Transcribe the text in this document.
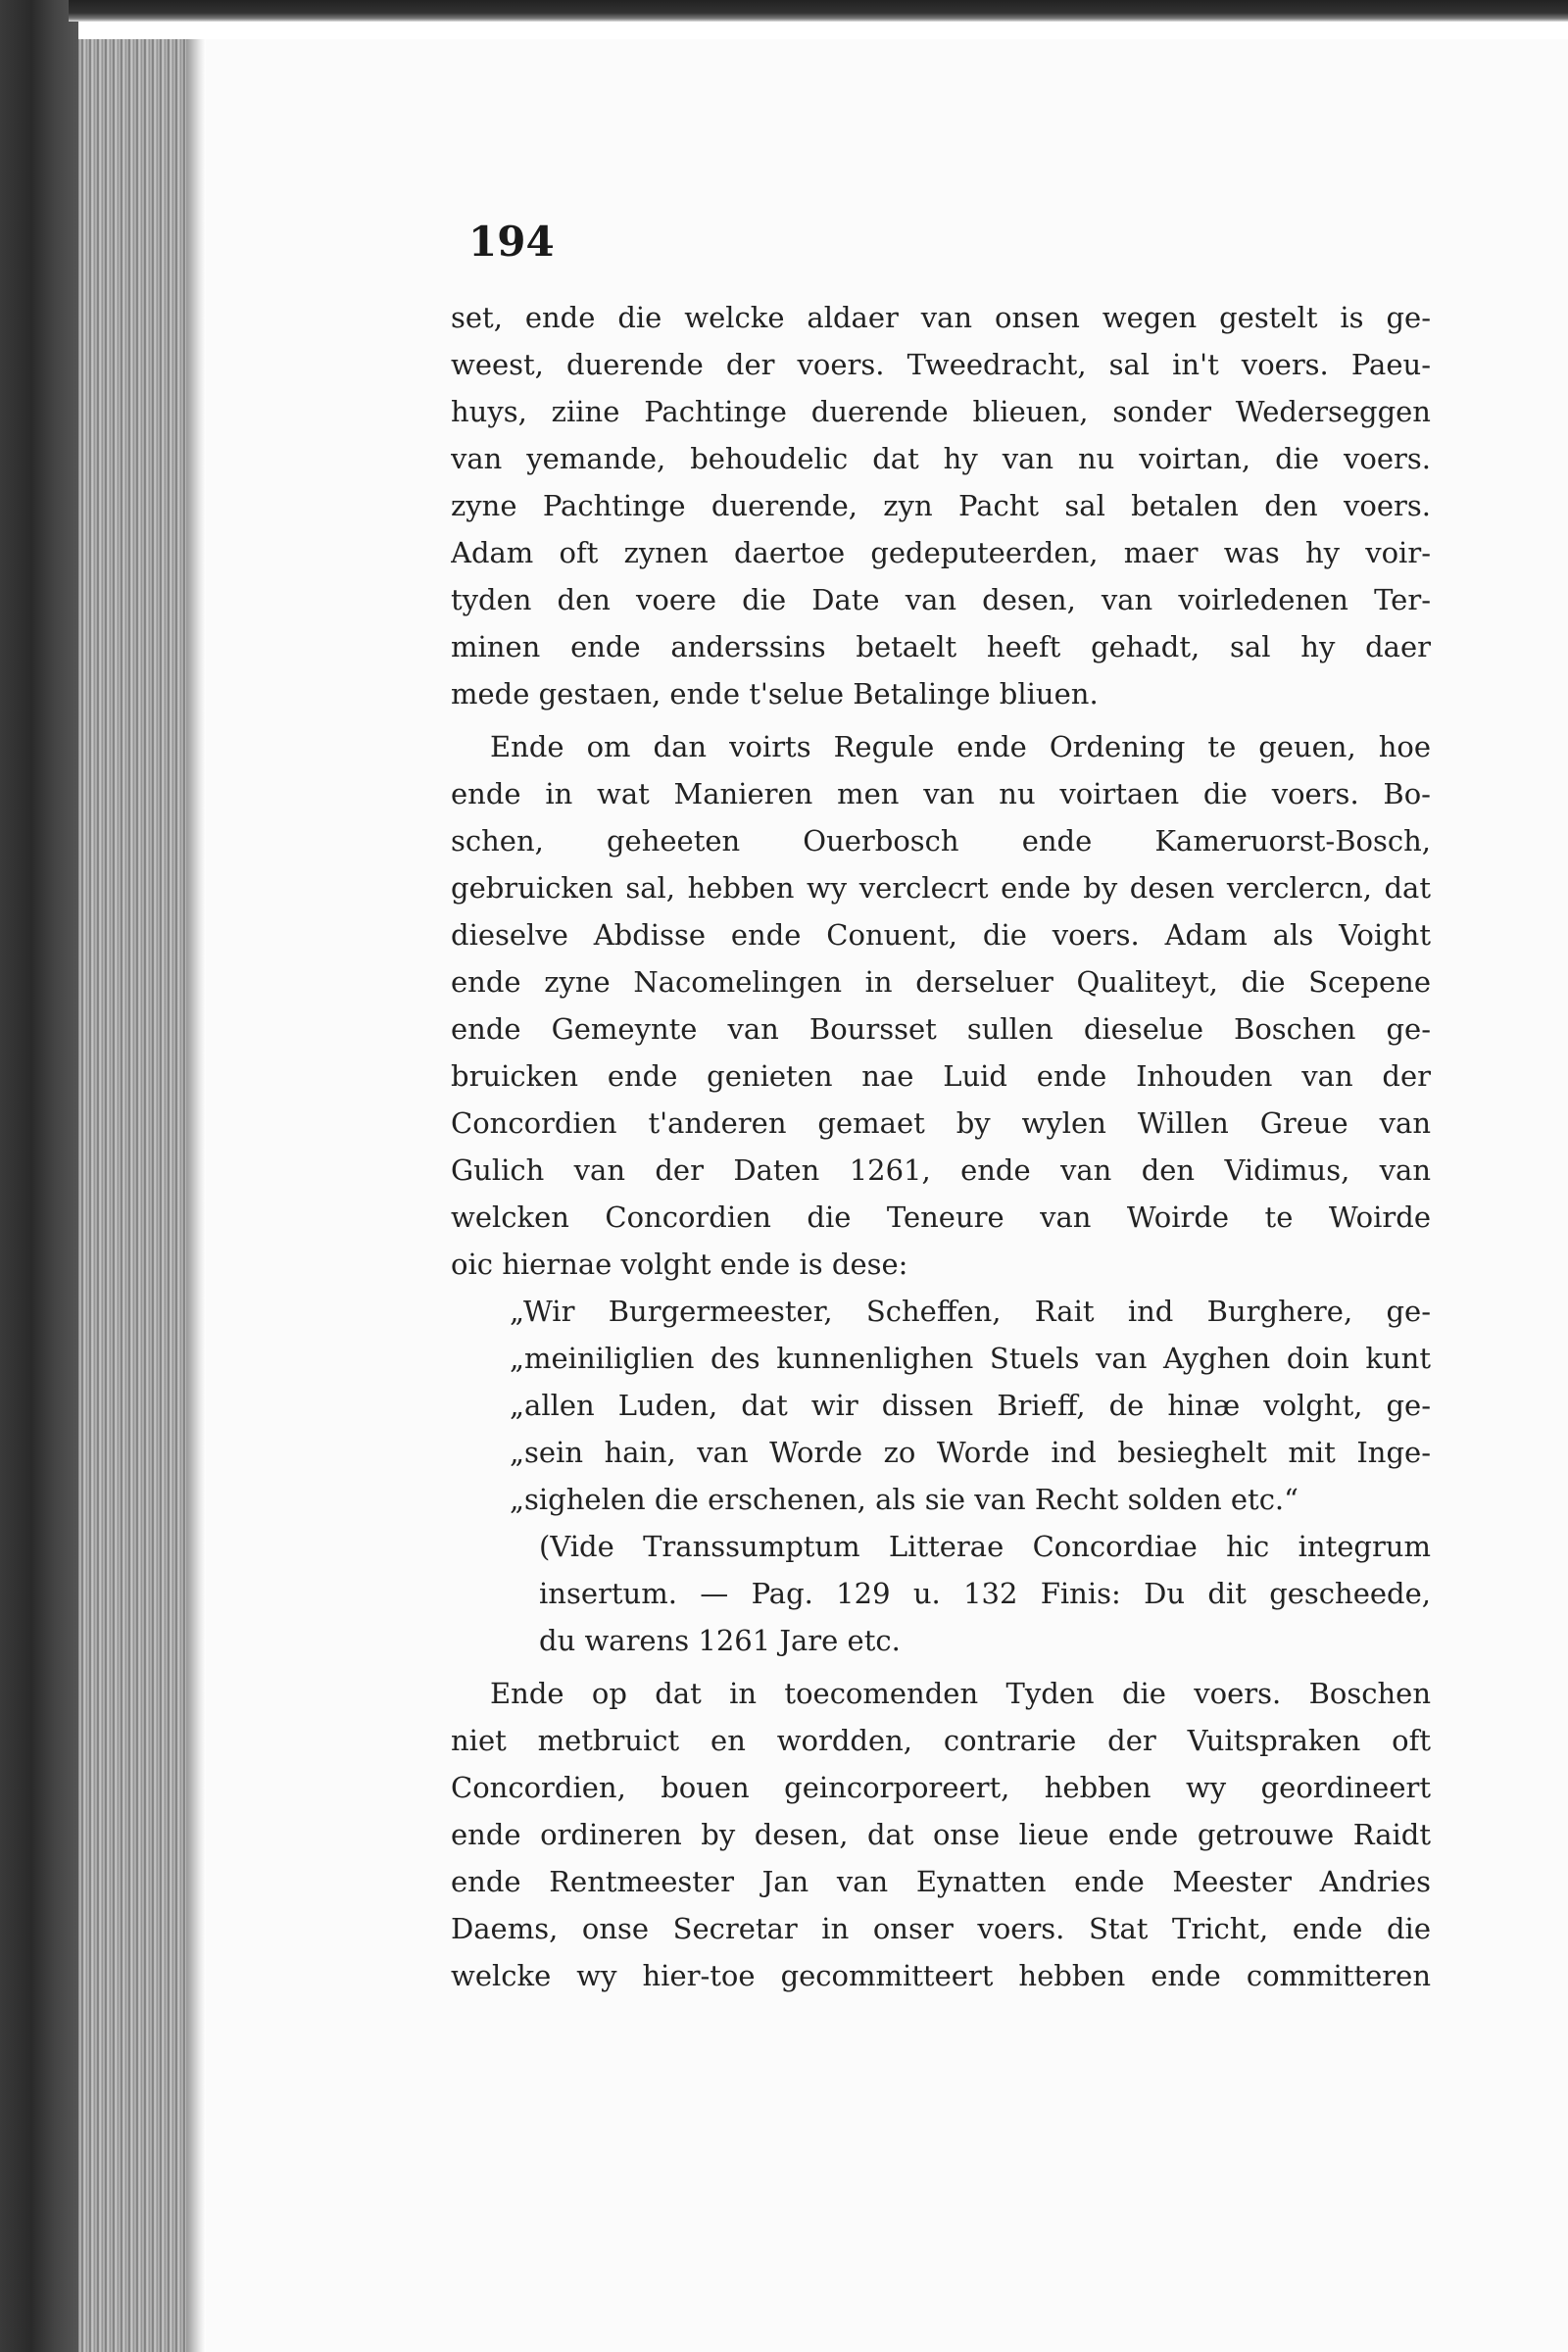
194

set, ende die welcke aldaer van onsen wegen gestelt is ge-
weest, duerende der voers. Tweedracht, sal in't voers. Paeu-
huys, ziine Pachtinge duerende blieuen, sonder Wederseggen
van yemande, behoudelic dat hy van nu voirtan, die voers.
zyne Pachtinge duerende, zyn Pacht sal betalen den voers.
Adam oft zynen daertoe gedeputeerden, maer was hy voir-
tyden den voere die Date van desen, van voirledenen Ter-
minen ende anderssins betaelt heeft gehadt, sal hy daer
mede gestaen, ende t'selue Betalinge bliuen.
Ende om dan voirts Regule ende Ordening te geuen, hoe
ende in wat Manieren men van nu voirtaen die voers. Bo-
schen, geheeten Ouerbosch ende Kameruorst-Bosch,
gebruicken sal, hebben wy verclecrt ende by desen verclercn, dat
dieselve Abdisse ende Conuent, die voers. Adam als Voight
ende zyne Nacomelingen in derseluer Qualiteyt, die Scepene
ende Gemeynte van Boursset sullen dieselue Boschen ge-
bruicken ende genieten nae Luid ende Inhouden van der
Concordien t'anderen gemaet by wylen Willen Greue van
Gulich van der Daten 1261, ende van den Vidimus, van
welcken Concordien die Teneure van Woirde te Woirde
oic hiernae volght ende is dese:
„Wir Burgermeester, Scheffen, Rait ind Burghere, ge-
„meiniliglien des kunnenlighen Stuels van Ayghen doin kunt
„allen Luden, dat wir dissen Brieff, de hinæ volght, ge-
„sein hain, van Worde zo Worde ind besieghelt mit Inge-
„sighelen die erschenen, als sie van Recht solden etc.“
(Vide Transsumptum Litterae Concordiae hic integrum
insertum. — Pag. 129 u. 132 Finis: Du dit gescheede,
du warens 1261 Jare etc.
Ende op dat in toecomenden Tyden die voers. Boschen
niet metbruict en wordden, contrarie der Vuitspraken oft
Concordien, bouen geincorporeert, hebben wy geordineert
ende ordineren by desen, dat onse lieue ende getrouwe Raidt
ende Rentmeester Jan van Eynatten ende Meester Andries
Daems, onse Secretar in onser voers. Stat Tricht, ende die
welcke wy hier-toe gecommitteert hebben ende committeren
